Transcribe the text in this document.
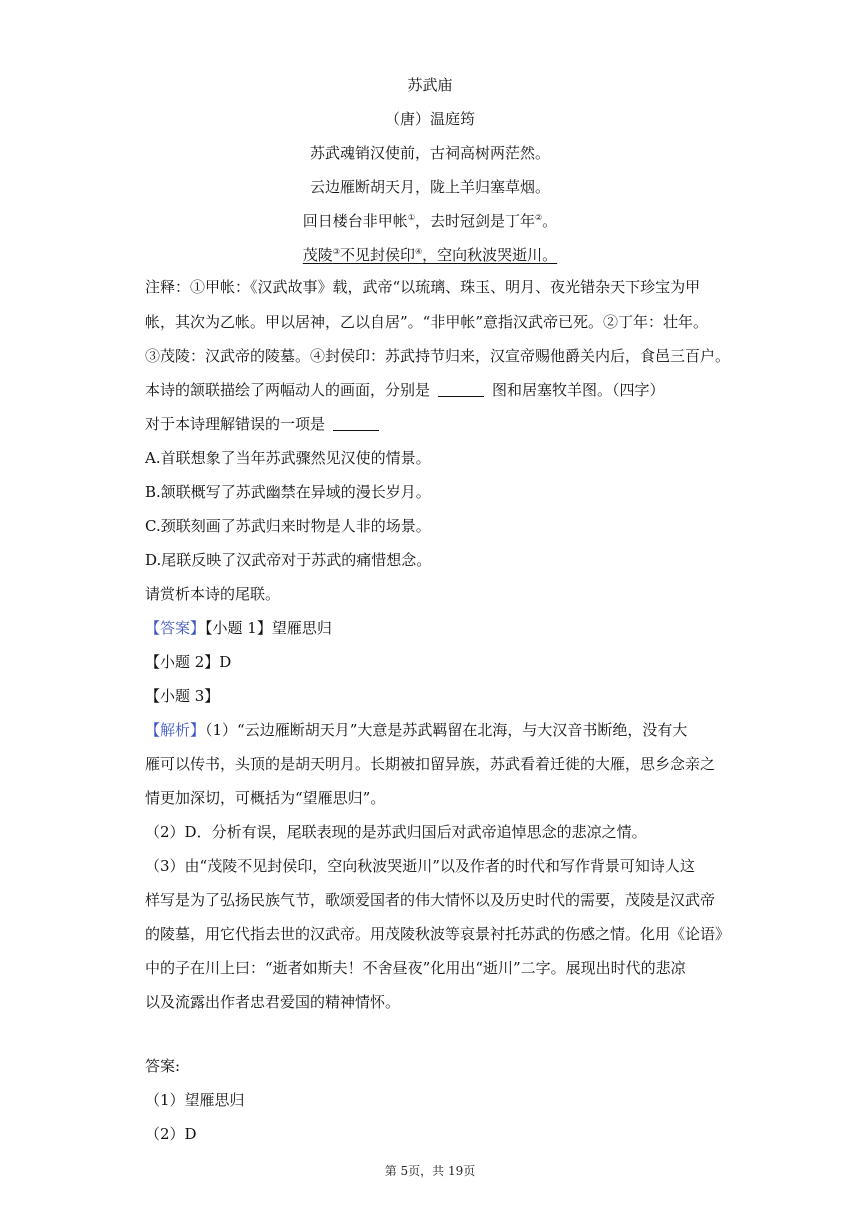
苏武庙
（唐）温庭筠
苏武魂销汉使前，古祠高树两茫然。
云边雁断胡天月，陇上羊归塞草烟。
回日楼台非甲帐①，去时冠剑是丁年②。
茂陵③不见封侯印④，空向秋波哭逝川。
注释：①甲帐：《汉武故事》载，武帝“以琉璃、珠玉、明月、夜光错杂天下珍宝为甲
帐，其次为乙帐。甲以居神，乙以自居”。“非甲帐”意指汉武帝已死。②丁年：壮年。
③茂陵：汉武帝的陵墓。④封侯印：苏武持节归来，汉宣帝赐他爵关内后，食邑三百户。
本诗的颔联描绘了两幅动人的画面，分别是	图和居塞牧羊图。（四字）
对于本诗理解错误的一项是
A.首联想象了当年苏武骤然见汉使的情景。
B.颔联概写了苏武幽禁在异域的漫长岁月。
C.颈联刻画了苏武归来时物是人非的场景。
D.尾联反映了汉武帝对于苏武的痛惜想念。
请赏析本诗的尾联。
【答案】【小题 1】望雁思归
【小题 2】D
【小题 3】
【解析】（1）“云边雁断胡天月”大意是苏武羁留在北海，与大汉音书断绝，没有大
雁可以传书，头顶的是胡天明月。长期被扣留异族，苏武看着迁徙的大雁，思乡念亲之
情更加深切，可概括为“望雁思归”。
（2）D．分析有误，尾联表现的是苏武归国后对武帝追悼思念的悲凉之情。
（3）由“茂陵不见封侯印，空向秋波哭逝川”以及作者的时代和写作背景可知诗人这
样写是为了弘扬民族气节，歌颂爱国者的伟大情怀以及历史时代的需要，茂陵是汉武帝
的陵墓，用它代指去世的汉武帝。用茂陵秋波等哀景衬托苏武的伤感之情。化用《论语》
中的子在川上曰：“逝者如斯夫！不舍昼夜”化用出“逝川”二字。展现出时代的悲凉
以及流露出作者忠君爱国的精神情怀。
答案:
（1）望雁思归
（2）D
第 5页，共 19页
